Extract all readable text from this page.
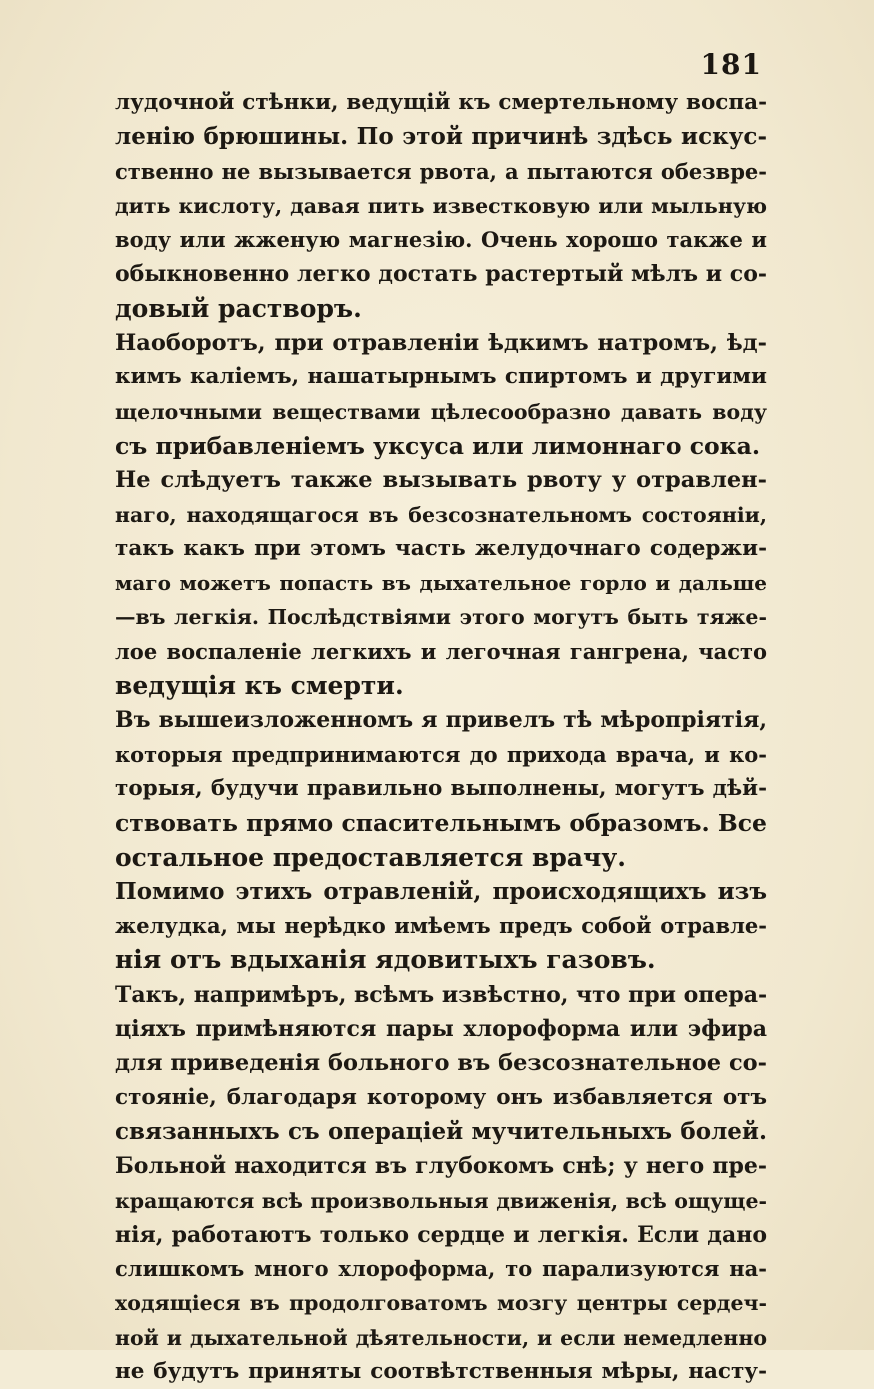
181
лудочной стѣнки, ведущій къ смертельному воспа-
ленію брюшины. По этой причинѣ здѣсь искус-
ственно не вызывается рвота, а пытаются обезвре-
дить кислоту, давая пить известковую или мыльную
воду или жженую магнезію. Очень хорошо также и
обыкновенно легко достать растертый мѣлъ и со-
довый растворъ.
Наоборотъ, при отравленіи ѣдкимъ натромъ, ѣд-
кимъ каліемъ, нашатырнымъ спиртомъ и другими
щелочными веществами цѣлесообразно давать воду
съ прибавленіемъ уксуса или лимоннаго сока.
Не слѣдуетъ также вызывать рвоту у отравлен-
наго, находящагося въ безсознательномъ состояніи,
такъ какъ при этомъ часть желудочнаго содержи-
маго можетъ попасть въ дыхательное горло и дальше
—въ легкія. Послѣдствіями этого могутъ быть тяже-
лое воспаленіе легкихъ и легочная гангрена, часто
ведущія къ смерти.
Въ вышеизложенномъ я привелъ тѣ мѣропріятія,
которыя предпринимаются до прихода врача, и ко-
торыя, будучи правильно выполнены, могутъ дѣй-
ствовать прямо спасительнымъ образомъ. Все
остальное предоставляется врачу.
Помимо этихъ отравленій, происходящихъ изъ
желудка, мы нерѣдко имѣемъ предъ собой отравле-
нія отъ вдыханія ядовитыхъ газовъ.
Такъ, напримѣръ, всѣмъ извѣстно, что при опера-
ціяхъ примѣняются пары хлороформа или эфира
для приведенія больного въ безсознательное со-
стояніе, благодаря которому онъ избавляется отъ
связанныхъ съ операціей мучительныхъ болей.
Больной находится въ глубокомъ снѣ; у него пре-
кращаются всѣ произвольныя движенія, всѣ ощуще-
нія, работаютъ только сердце и легкія. Если дано
слишкомъ много хлороформа, то парализуются на-
ходящіеся въ продолговатомъ мозгу центры сердеч-
ной и дыхательной дѣятельности, и если немедленно
не будутъ приняты соотвѣтственныя мѣры, насту-
